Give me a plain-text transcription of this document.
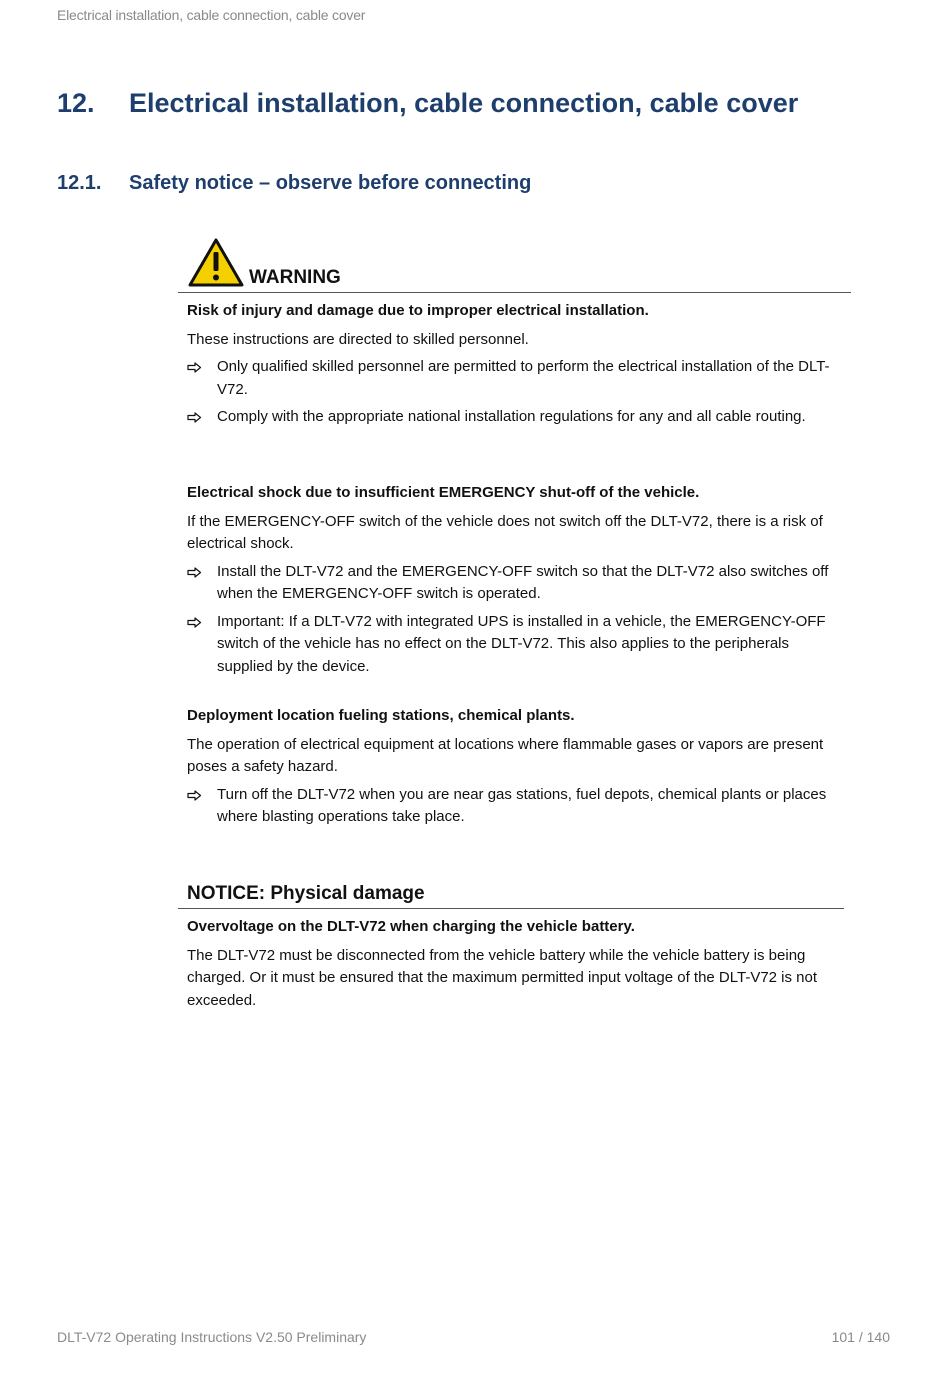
Electrical installation, cable connection, cable cover
12. Electrical installation, cable connection, cable cover
12.1. Safety notice – observe before connecting
WARNING

Risk of injury and damage due to improper electrical installation.

These instructions are directed to skilled personnel.

Only qualified skilled personnel are permitted to perform the electrical installation of the DLT-V72.
Comply with the appropriate national installation regulations for any and all cable routing.

Electrical shock due to insufficient EMERGENCY shut-off of the vehicle.

If the EMERGENCY-OFF switch of the vehicle does not switch off the DLT-V72, there is a risk of electrical shock.

Install the DLT-V72 and the EMERGENCY-OFF switch so that the DLT-V72 also switches off when the EMERGENCY-OFF switch is operated.
Important: If a DLT-V72 with integrated UPS is installed in a vehicle, the EMERGENCY-OFF switch of the vehicle has no effect on the DLT-V72. This also applies to the peripherals supplied by the device.

Deployment location fueling stations, chemical plants.

The operation of electrical equipment at locations where flammable gases or vapors are present poses a safety hazard.

Turn off the DLT-V72 when you are near gas stations, fuel depots, chemical plants or places where blasting operations take place.
NOTICE: Physical damage

Overvoltage on the DLT-V72 when charging the vehicle battery.

The DLT-V72 must be disconnected from the vehicle battery while the vehicle battery is being charged. Or it must be ensured that the maximum permitted input voltage of the DLT-V72 is not exceeded.

DLT-V72 Operating Instructions V2.50 Preliminary	101 / 140
